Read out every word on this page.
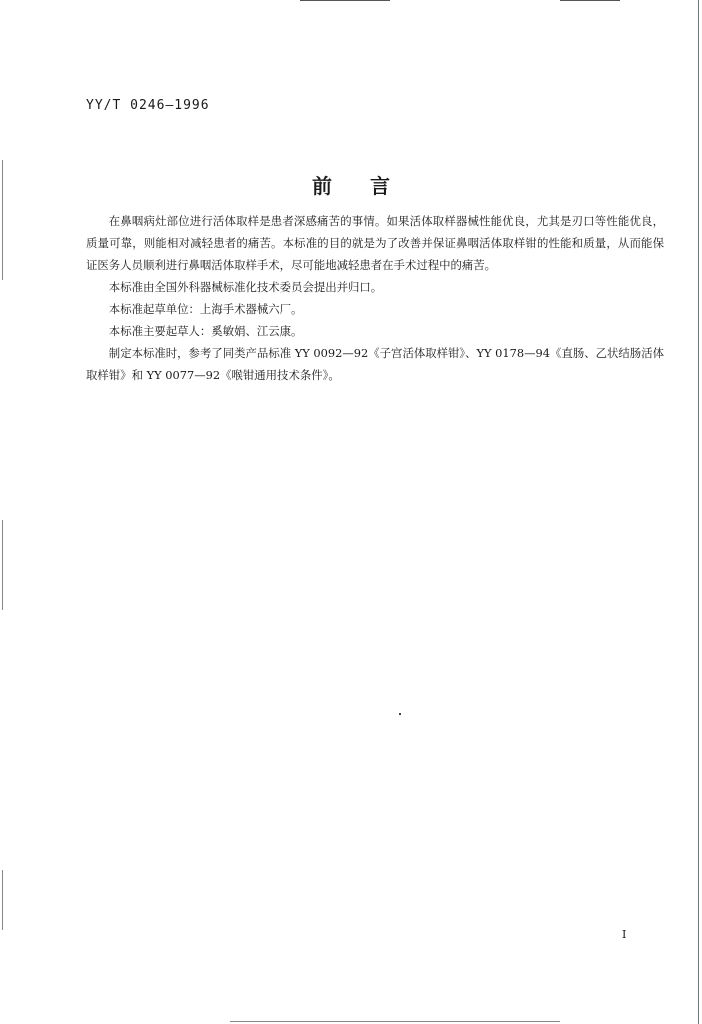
YY/T 0246—1996
前言

在鼻咽病灶部位进行活体取样是患者深感痛苦的事情。如果活体取样器械性能优良，尤其是刃口等性能优良，质量可靠，则能相对减轻患者的痛苦。本标准的目的就是为了改善并保证鼻咽活体取样钳的性能和质量，从而能保证医务人员顺利进行鼻咽活体取样手术，尽可能地减轻患者在手术过程中的痛苦。

本标准由全国外科器械标准化技术委员会提出并归口。

本标准起草单位：上海手术器械六厂。

本标准主要起草人：奚敏娟、江云康。

制定本标准时，参考了同类产品标准 YY 0092—92《子宫活体取样钳》、YY 0178—94《直肠、乙状结肠活体取样钳》和 YY 0077—92《喉钳通用技术条件》。

I
